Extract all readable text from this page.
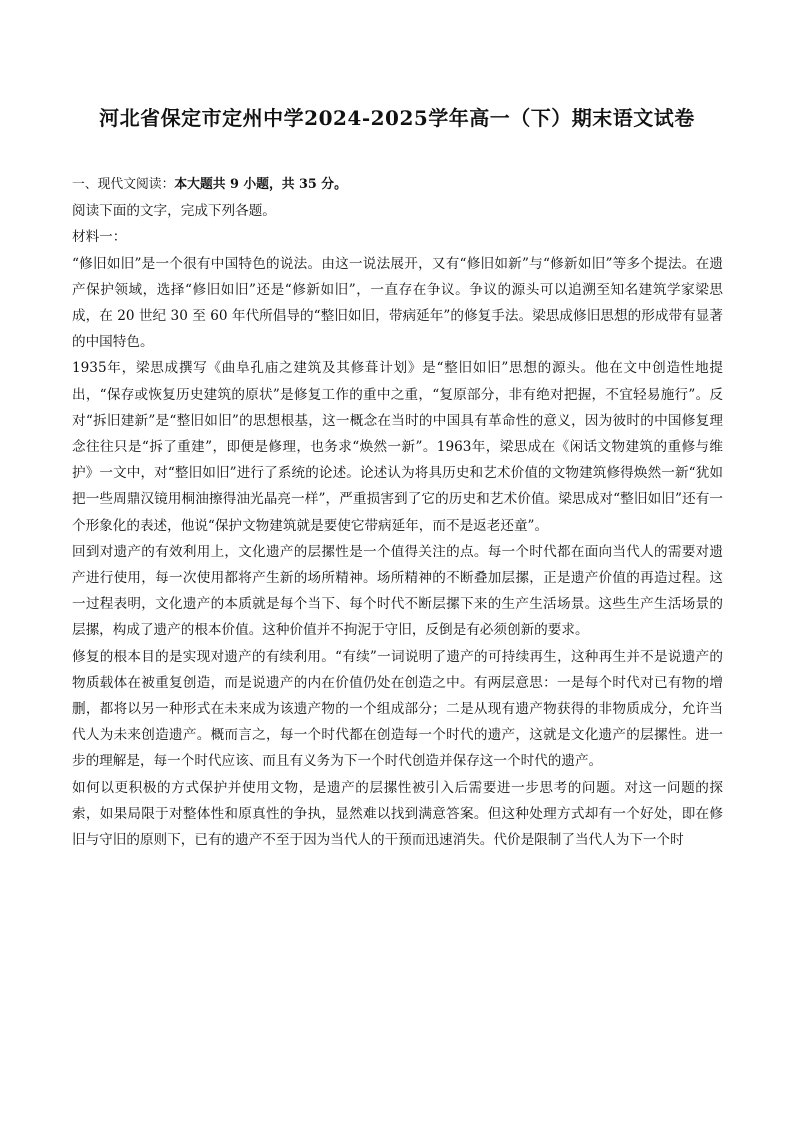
河北省保定市定州中学2024-2025学年高一（下）期末语文试卷

一、现代文阅读：本大题共 9 小题，共 35 分。

阅读下面的文字，完成下列各题。

材料一：

“修旧如旧”是一个很有中国特色的说法。由这一说法展开，又有“修旧如新”与“修新如旧”等多个提法。在遗产保护领域，选择“修旧如旧”还是“修新如旧”，一直存在争议。争议的源头可以追溯至知名建筑学家梁思成，在 20 世纪 30 至 60 年代所倡导的“整旧如旧，带病延年”的修复手法。梁思成修旧思想的形成带有显著的中国特色。

1935年，梁思成撰写《曲阜孔庙之建筑及其修葺计划》是“整旧如旧”思想的源头。他在文中创造性地提出，“保存或恢复历史建筑的原状”是修复工作的重中之重，“复原部分，非有绝对把握，不宜轻易施行”。反对“拆旧建新”是“整旧如旧”的思想根基，这一概念在当时的中国具有革命性的意义，因为彼时的中国修复理念往往只是“拆了重建”，即便是修理，也务求“焕然一新”。1963年，梁思成在《闲话文物建筑的重修与维护》一文中，对“整旧如旧”进行了系统的论述。论述认为将具历史和艺术价值的文物建筑修得焕然一新“犹如把一些周鼎汉镜用桐油擦得油光晶亮一样”，严重损害到了它的历史和艺术价值。梁思成对“整旧如旧”还有一个形象化的表述，他说“保护文物建筑就是要使它带病延年，而不是返老还童”。

回到对遗产的有效利用上，文化遗产的层摞性是一个值得关注的点。每一个时代都在面向当代人的需要对遗产进行使用，每一次使用都将产生新的场所精神。场所精神的不断叠加层摞，正是遗产价值的再造过程。这一过程表明，文化遗产的本质就是每个当下、每个时代不断层摞下来的生产生活场景。这些生产生活场景的层摞，构成了遗产的根本价值。这种价值并不拘泥于守旧，反倒是有必须创新的要求。

修复的根本目的是实现对遗产的有续利用。“有续”一词说明了遗产的可持续再生，这种再生并不是说遗产的物质载体在被重复创造，而是说遗产的内在价值仍处在创造之中。有两层意思：一是每个时代对已有物的增删，都将以另一种形式在未来成为该遗产物的一个组成部分；二是从现有遗产物获得的非物质成分，允许当代人为未来创造遗产。概而言之，每一个时代都在创造每一个时代的遗产，这就是文化遗产的层摞性。进一步的理解是，每一个时代应该、而且有义务为下一个时代创造并保存这一个时代的遗产。

如何以更积极的方式保护并使用文物，是遗产的层摞性被引入后需要进一步思考的问题。对这一问题的探索，如果局限于对整体性和原真性的争执，显然难以找到满意答案。但这种处理方式却有一个好处，即在修旧与守旧的原则下，已有的遗产不至于因为当代人的干预而迅速消失。代价是限制了当代人为下一个时
